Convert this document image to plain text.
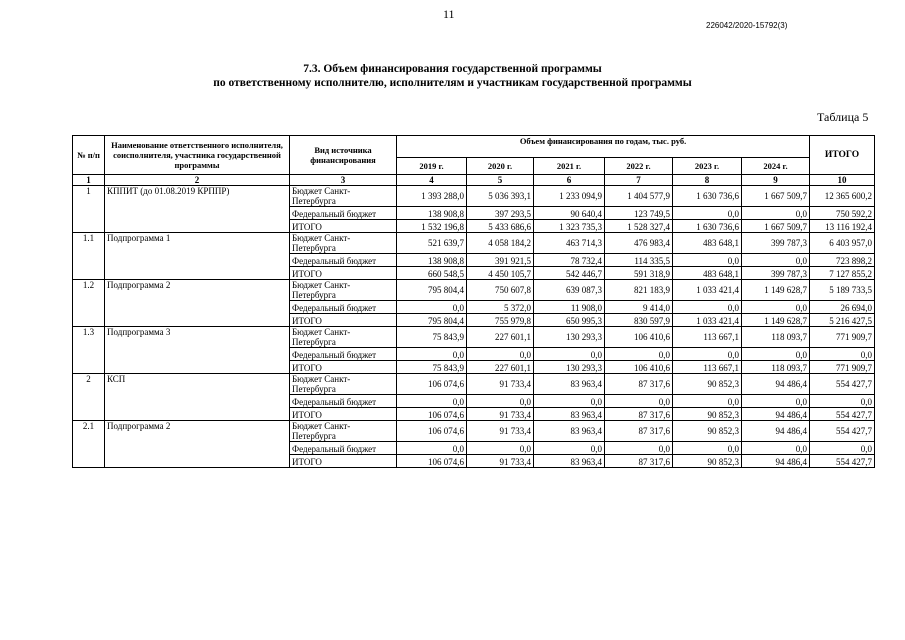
11
226042/2020-15792(3)
7.3. Объем финансирования государственной программы
по ответственному исполнителю, исполнителям и участникам государственной программы
Таблица 5
№ п/п	Наименование ответственного исполнителя, соисполнителя, участника государственной программы	Вид источника финансирования	Объем финансирования по годам, тыс. руб.						ИТОГО
			2019 г.	2020 г.	2021 г.	2022 г.	2023 г.	2024 г.	
1	2	3	4	5	6	7	8	9	10
1	КППИТ (до 01.08.2019 КРППР)	Бюджет Санкт-Петербурга	1 393 288,0	5 036 393,1	1 233 094,9	1 404 577,9	1 630 736,6	1 667 509,7	12 365 600,2
		Федеральный бюджет	138 908,8	397 293,5	90 640,4	123 749,5	0,0	0,0	750 592,2
		ИТОГО	1 532 196,8	5 433 686,6	1 323 735,3	1 528 327,4	1 630 736,6	1 667 509,7	13 116 192,4
1.1	Подпрограмма 1	Бюджет Санкт-Петербурга	521 639,7	4 058 184,2	463 714,3	476 983,4	483 648,1	399 787,3	6 403 957,0
		Федеральный бюджет	138 908,8	391 921,5	78 732,4	114 335,5	0,0	0,0	723 898,2
		ИТОГО	660 548,5	4 450 105,7	542 446,7	591 318,9	483 648,1	399 787,3	7 127 855,2
1.2	Подпрограмма 2	Бюджет Санкт-Петербурга	795 804,4	750 607,8	639 087,3	821 183,9	1 033 421,4	1 149 628,7	5 189 733,5
		Федеральный бюджет	0,0	5 372,0	11 908,0	9 414,0	0,0	0,0	26 694,0
		ИТОГО	795 804,4	755 979,8	650 995,3	830 597,9	1 033 421,4	1 149 628,7	5 216 427,5
1.3	Подпрограмма 3	Бюджет Санкт-Петербурга	75 843,9	227 601,1	130 293,3	106 410,6	113 667,1	118 093,7	771 909,7
		Федеральный бюджет	0,0	0,0	0,0	0,0	0,0	0,0	0,0
		ИТОГО	75 843,9	227 601,1	130 293,3	106 410,6	113 667,1	118 093,7	771 909,7
2	КСП	Бюджет Санкт-Петербурга	106 074,6	91 733,4	83 963,4	87 317,6	90 852,3	94 486,4	554 427,7
		Федеральный бюджет	0,0	0,0	0,0	0,0	0,0	0,0	0,0
		ИТОГО	106 074,6	91 733,4	83 963,4	87 317,6	90 852,3	94 486,4	554 427,7
2.1	Подпрограмма 2	Бюджет Санкт-Петербурга	106 074,6	91 733,4	83 963,4	87 317,6	90 852,3	94 486,4	554 427,7
		Федеральный бюджет	0,0	0,0	0,0	0,0	0,0	0,0	0,0
		ИТОГО	106 074,6	91 733,4	83 963,4	87 317,6	90 852,3	94 486,4	554 427,7
